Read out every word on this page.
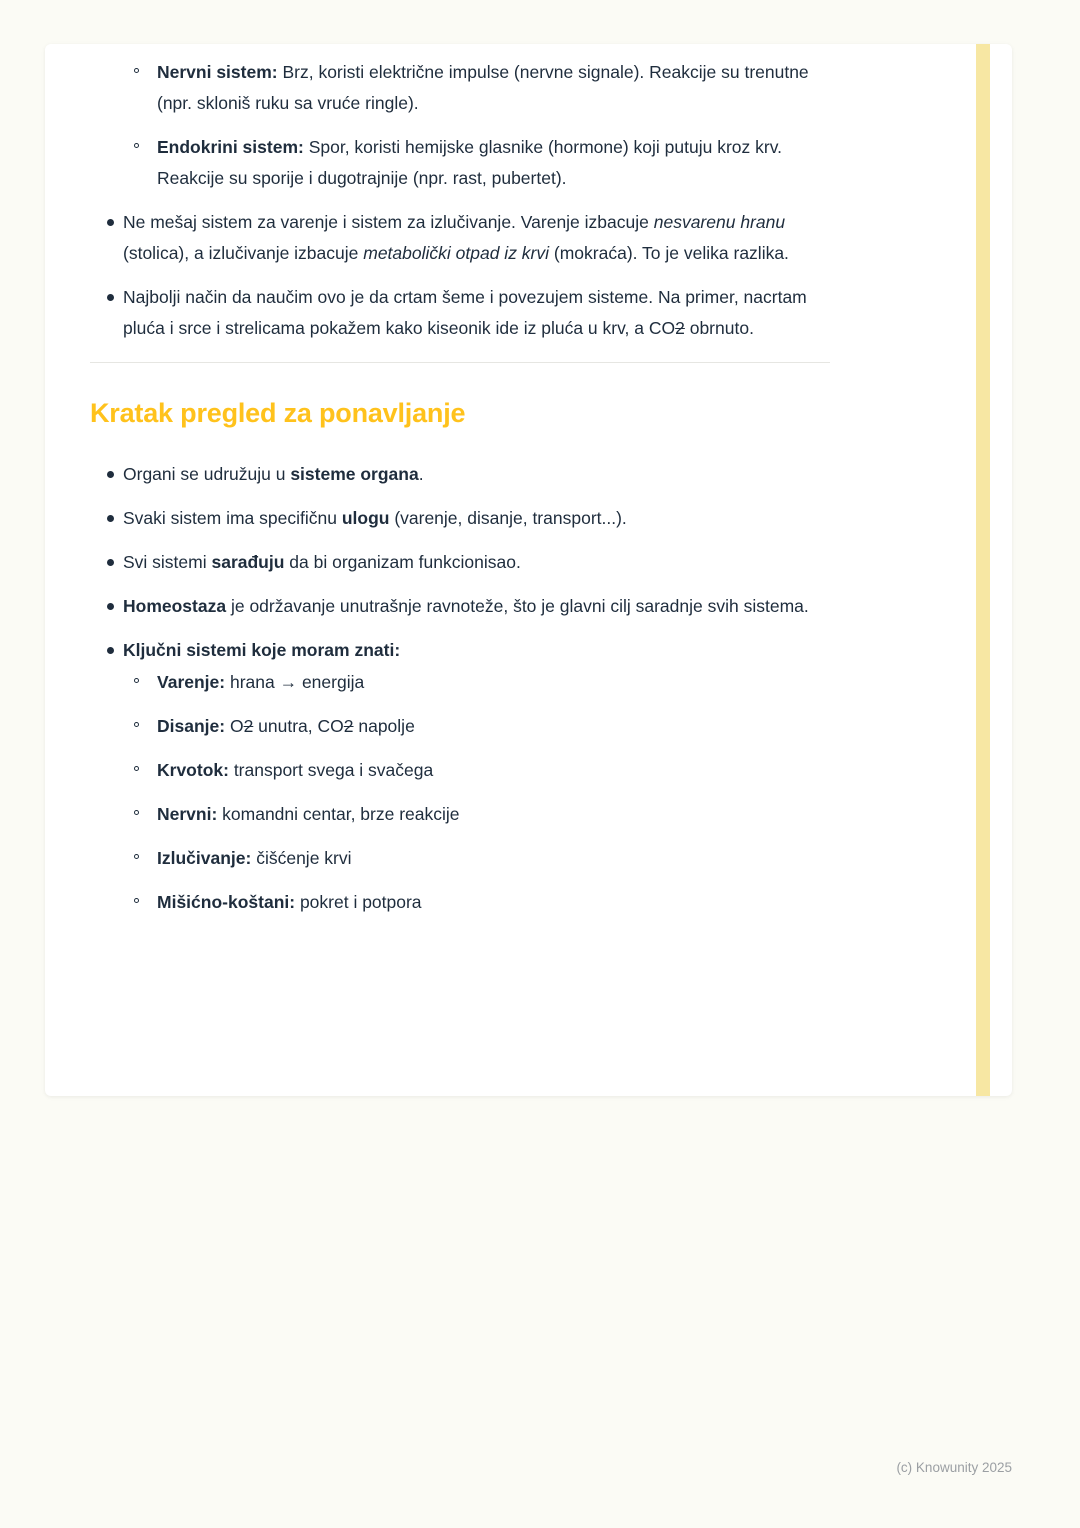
Nervni sistem: Brz, koristi električne impulse (nervne signale). Reakcije su trenutne (npr. skloniš ruku sa vruće ringle).
Endokrini sistem: Spor, koristi hemijske glasnike (hormone) koji putuju kroz krv. Reakcije su sporije i dugotrajnije (npr. rast, pubertet).
Ne mešaj sistem za varenje i sistem za izlučivanje. Varenje izbacuje nesvarenu hranu (stolica), a izlučivanje izbacuje metabolički otpad iz krvi (mokraća). To je velika razlika.
Najbolji način da naučim ovo je da crtam šeme i povezujem sisteme. Na primer, nacrtam pluća i srce i strelicama pokažem kako kiseonik ide iz pluća u krv, a CO2 obrnuto.
Kratak pregled za ponavljanje
Organi se udružuju u sisteme organa.
Svaki sistem ima specifičnu ulogu (varenje, disanje, transport...).
Svi sistemi sarađuju da bi organizam funkcionisao.
Homeostaza je održavanje unutrašnje ravnoteže, što je glavni cilj saradnje svih sistema.
Ključni sistemi koje moram znati:
Varenje: hrana → energija
Disanje: O2 unutra, CO2 napolje
Krvotok: transport svega i svačega
Nervni: komandni centar, brze reakcije
Izlučivanje: čišćenje krvi
Mišićno-koštani: pokret i potpora
(c) Knowunity 2025
